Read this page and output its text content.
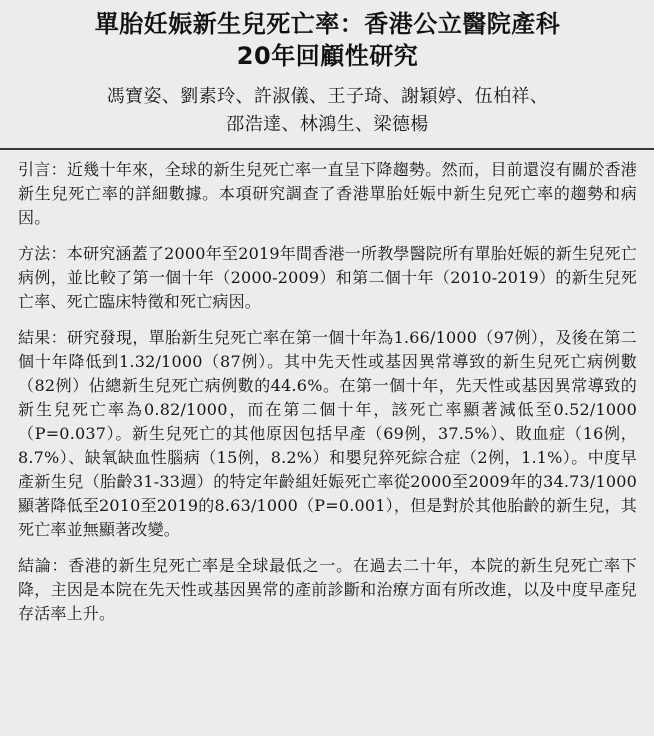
單胎妊娠新生兒死亡率：香港公立醫院產科
20年回顧性研究
馮寶姿、劉素玲、許淑儀、王子琦、謝穎婷、伍柏祥、
邵浩達、林鴻生、梁德楊

引言：近幾十年來，全球的新生兒死亡率一直呈下降趨勢。然而，目前還沒有關於香港新生兒死亡率的詳細數據。本項研究調查了香港單胎妊娠中新生兒死亡率的趨勢和病因。

方法：本研究涵蓋了2000年至2019年間香港一所教學醫院所有單胎妊娠的新生兒死亡病例，並比較了第一個十年（2000-2009）和第二個十年（2010-2019）的新生兒死亡率、死亡臨床特徵和死亡病因。

結果：研究發現，單胎新生兒死亡率在第一個十年為1.66/1000（97例），及後在第二個十年降低到1.32/1000（87例）。其中先天性或基因異常導致的新生兒死亡病例數（82例）佔總新生兒死亡病例數的44.6%。在第一個十年，先天性或基因異常導致的新生兒死亡率為0.82/1000，而在第二個十年，該死亡率顯著減低至0.52/1000（P=0.037）。新生兒死亡的其他原因包括早產（69例，37.5%）、敗血症（16例，8.7%）、缺氧缺血性腦病（15例，8.2%）和嬰兒猝死綜合症（2例，1.1%）。中度早產新生兒（胎齡31-33週）的特定年齡組妊娠死亡率從2000至2009年的34.73/1000顯著降低至2010至2019的8.63/1000（P=0.001），但是對於其他胎齡的新生兒，其死亡率並無顯著改變。

結論：香港的新生兒死亡率是全球最低之一。在過去二十年，本院的新生兒死亡率下降，主因是本院在先天性或基因異常的產前診斷和治療方面有所改進，以及中度早產兒存活率上升。
